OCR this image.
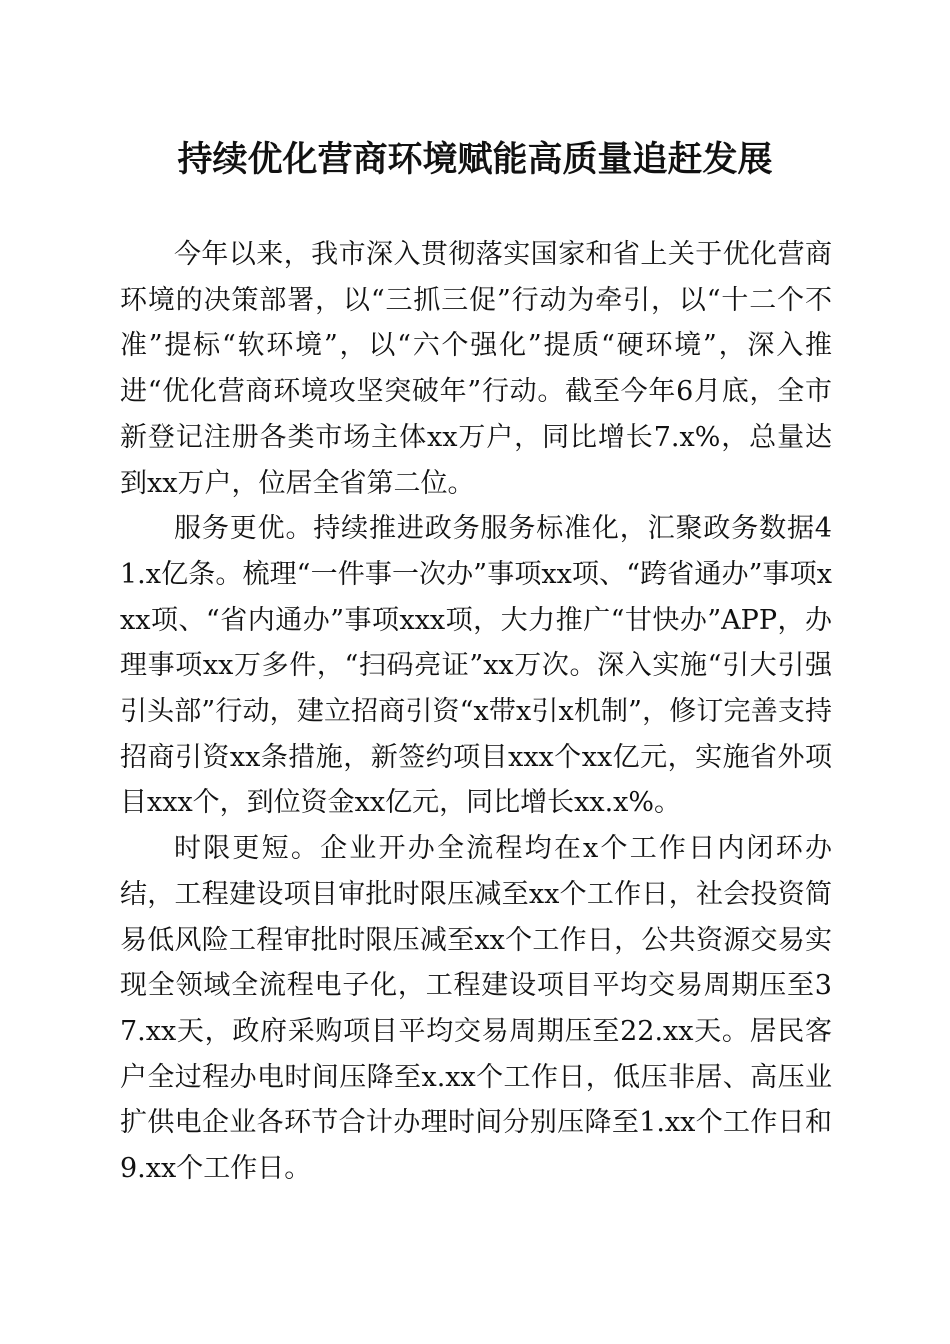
持续优化营商环境赋能高质量追赶发展

今年以来，我市深入贯彻落实国家和省上关于优化营商环境的决策部署，以“三抓三促”行动为牵引，以“十二个不准”提标“软环境”，以“六个强化”提质“硬环境”，深入推进“优化营商环境攻坚突破年”行动。截至今年6月底，全市新登记注册各类市场主体xx万户，同比增长7.x%，总量达到xx万户，位居全省第二位。

服务更优。持续推进政务服务标准化，汇聚政务数据41.x亿条。梳理“一件事一次办”事项xx项、“跨省通办”事项xxx项、“省内通办”事项xxx项，大力推广“甘快办”APP，办理事项xx万多件，“扫码亮证”xx万次。深入实施“引大引强引头部”行动，建立招商引资“x带x引x机制”，修订完善支持招商引资xx条措施，新签约项目xxx个xx亿元，实施省外项目xxx个，到位资金xx亿元，同比增长xx.x%。

时限更短。企业开办全流程均在x个工作日内闭环办结，工程建设项目审批时限压减至xx个工作日，社会投资简易低风险工程审批时限压减至xx个工作日，公共资源交易实现全领域全流程电子化，工程建设项目平均交易周期压至37.xx天，政府采购项目平均交易周期压至22.xx天。居民客户全过程办电时间压降至x.xx个工作日，低压非居、高压业扩供电企业各环节合计办理时间分别压降至1.xx个工作日和9.xx个工作日。
